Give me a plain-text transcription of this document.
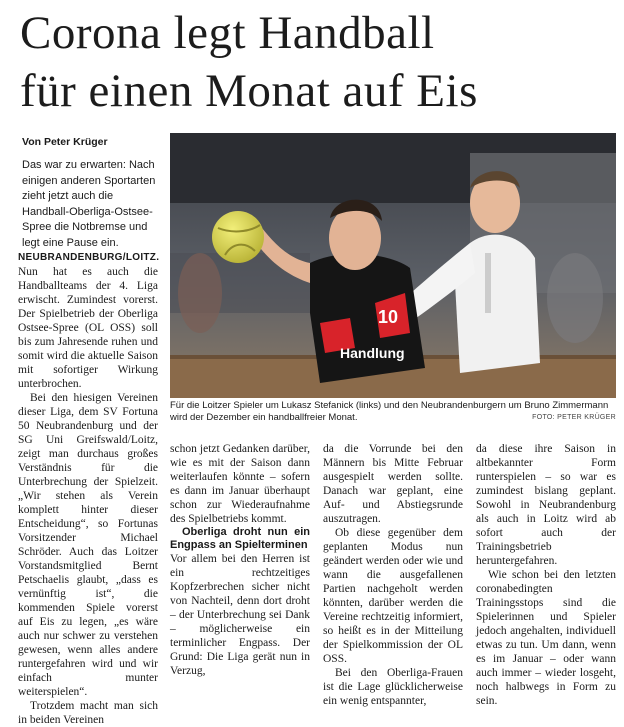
Corona legt Handball
für einen Monat auf Eis
Von Peter Krüger
Das war zu erwarten: Nach einigen anderen Sportarten zieht jetzt auch die Handball-Oberliga-Ostsee-Spree die Notbremse und legt eine Pause ein.
Handlung
10
Für die Loitzer Spieler um Lukasz Stefanick (links) und den Neubrandenburgern um Bruno Zimmermann wird der Dezember ein handballfreier Monat.	FOTO: PETER KRÜGER

NEUBRANDENBURG/LOITZ. Nun hat es auch die Handballteams der 4. Liga erwischt. Zumindest vorerst. Der Spielbetrieb der Oberliga Ostsee-Spree (OL OSS) soll bis zum Jahresende ruhen und somit wird die aktuelle Saison mit sofortiger Wirkung unterbrochen.

Bei den hiesigen Vereinen dieser Liga, dem SV Fortuna 50 Neubrandenburg und der SG Uni Greifswald/Loitz, zeigt man durchaus großes Verständnis für die Unterbrechung der Spielzeit. „Wir stehen als Verein komplett hinter dieser Entscheidung“, so Fortunas Vorsitzender Michael Schröder. Auch das Loitzer Vorstandsmitglied Bernt Petschaelis glaubt, „dass es vernünftig ist“, die kommenden Spiele vorerst auf Eis zu legen, „es wäre auch nur schwer zu verstehen gewesen, wenn alles andere runtergefahren wird und wir einfach munter weiterspielen“.

Trotzdem macht man sich in beiden Vereinen

schon jetzt Gedanken darüber, wie es mit der Saison dann weiterlaufen könnte – sofern es dann im Januar überhaupt schon zur Wiederaufnahme des Spielbetriebs kommt.

Oberliga droht nun ein Engpass an Spielterminen

Vor allem bei den Herren ist ein rechtzeitiges Kopfzerbrechen sicher nicht von Nachteil, denn dort droht – der Unterbrechung sei Dank – möglicherweise ein terminlicher Engpass. Der Grund: Die Liga gerät nun in Verzug,

da die Vorrunde bei den Männern bis Mitte Februar ausgespielt werden sollte. Danach war geplant, eine Auf- und Abstiegsrunde auszutragen.

Ob diese gegenüber dem geplanten Modus nun geändert werden oder wie und wann die ausgefallenen Partien nachgeholt werden könnten, darüber werden die Vereine rechtzeitig informiert, so heißt es in der Mitteilung der Spielkommission der OL OSS.

Bei den Oberliga-Frauen ist die Lage glücklicherweise ein wenig entspannter,

da diese ihre Saison in altbekannter Form runterspielen – so war es zumindest bislang geplant. Sowohl in Neubrandenburg als auch in Loitz wird ab sofort auch der Trainingsbetrieb heruntergefahren.

Wie schon bei den letzten coronabedingten Trainingsstops sind die Spielerinnen und Spieler jedoch angehalten, individuell etwas zu tun. Um dann, wenn es im Januar – oder wann auch immer – wieder losgeht, noch halbwegs in Form zu sein.
